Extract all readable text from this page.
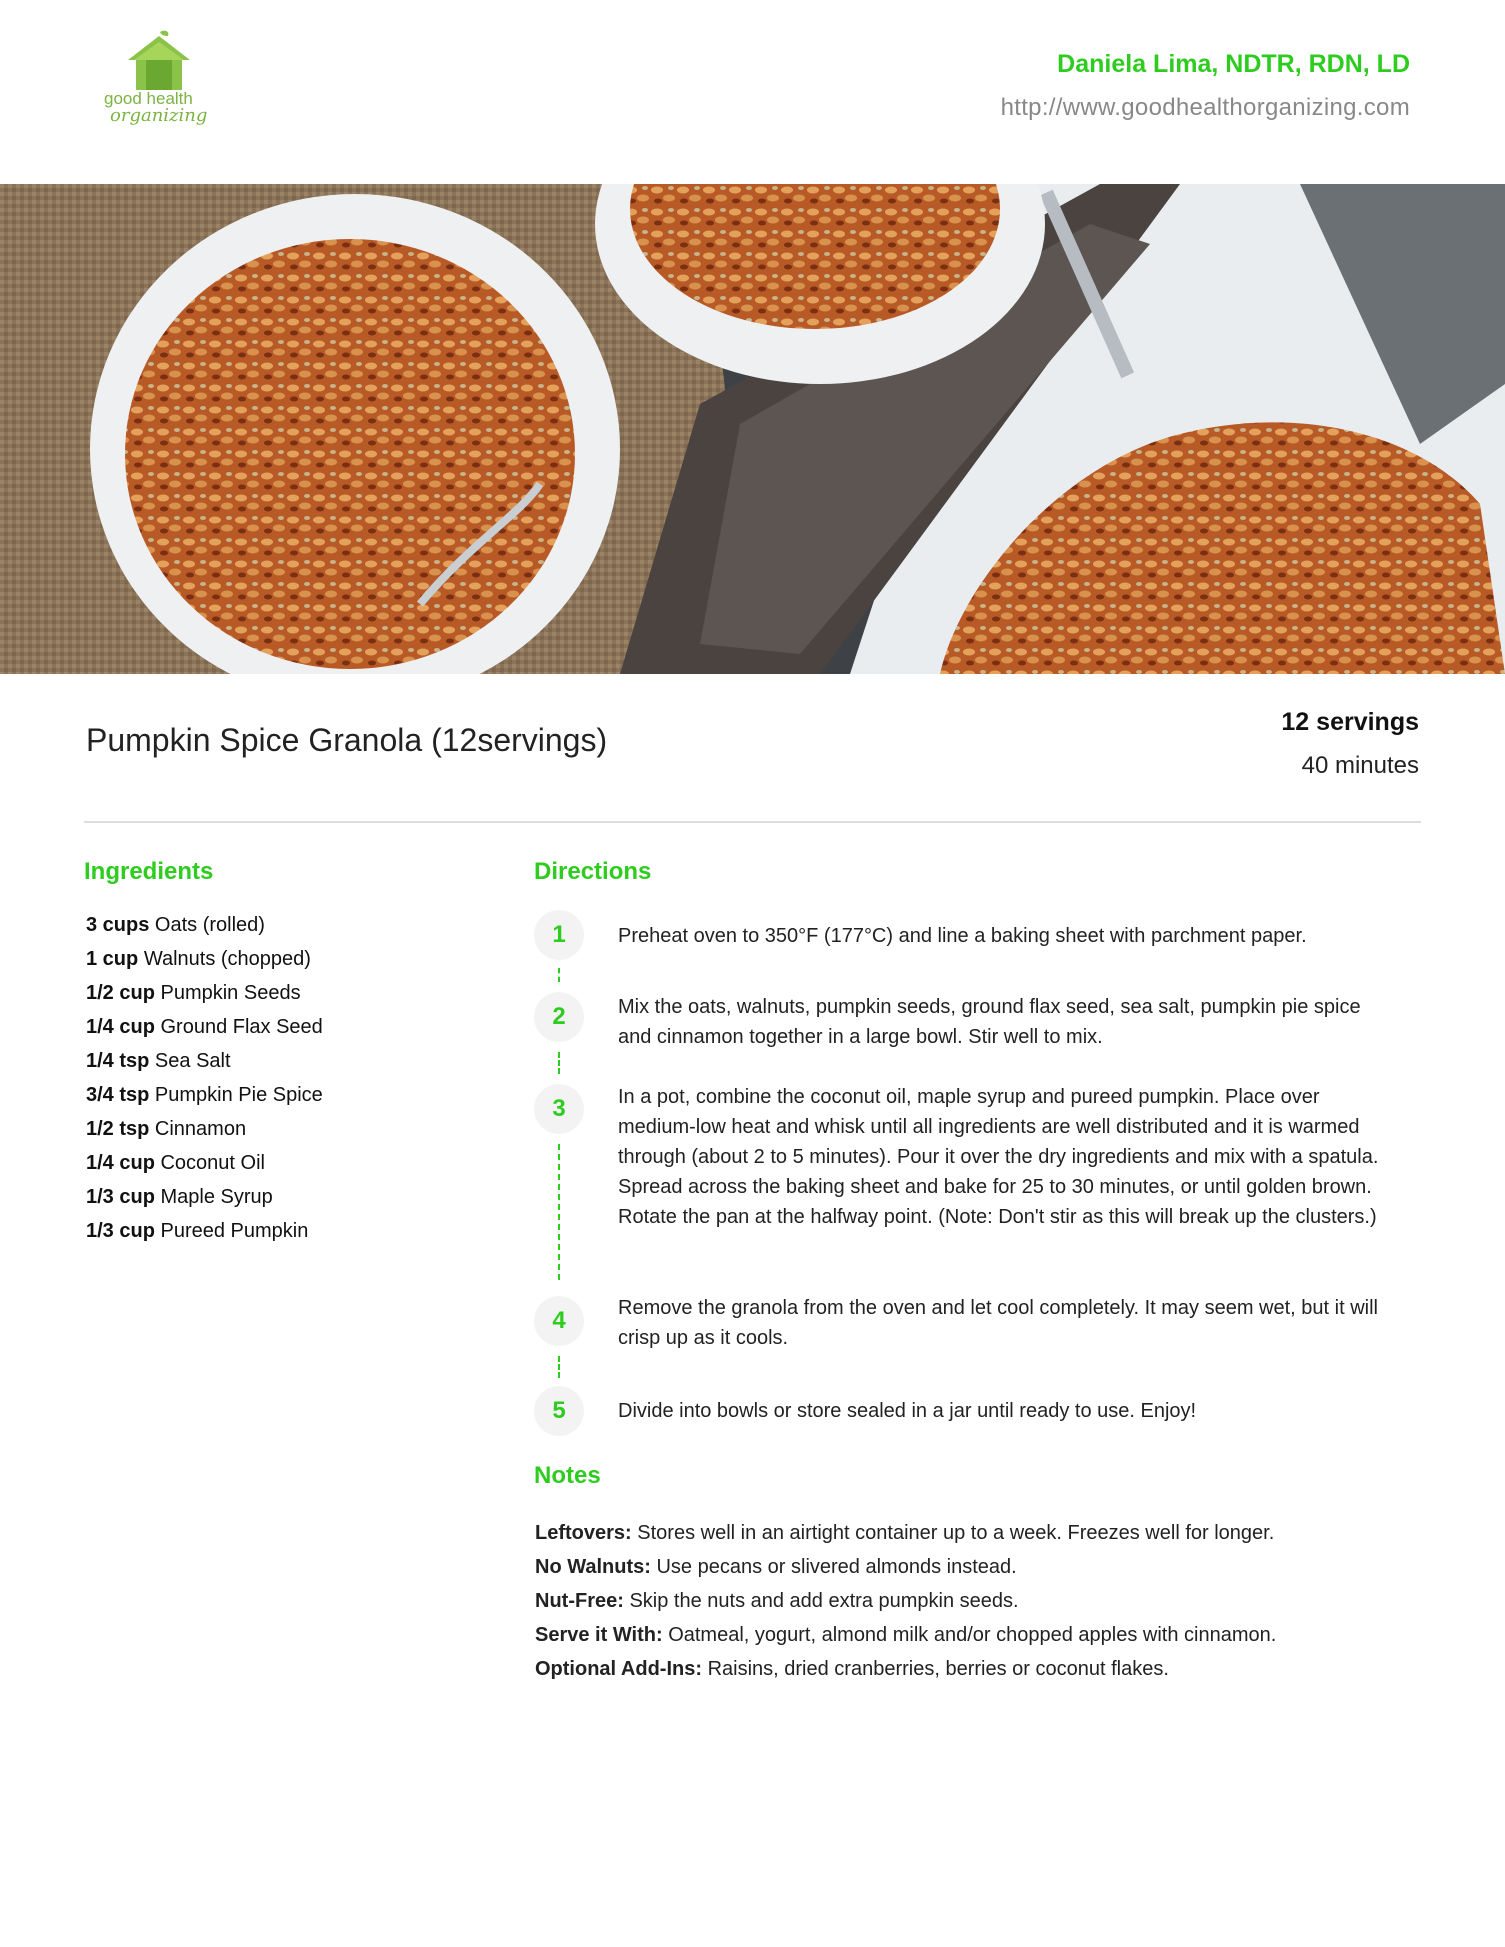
good health
organizing
Daniela Lima, NDTR, RDN, LD
http://www.goodhealthorganizing.com
Pumpkin Spice Granola (12servings)	12 servings
40 minutes
Ingredients
3 cups Oats (rolled)
1 cup Walnuts (chopped)
1/2 cup Pumpkin Seeds
1/4 cup Ground Flax Seed
1/4 tsp Sea Salt
3/4 tsp Pumpkin Pie Spice
1/2 tsp Cinnamon
1/4 cup Coconut Oil
1/3 cup Maple Syrup
1/3 cup Pureed Pumpkin
Directions
1	Preheat oven to 350°F (177°C) and line a baking sheet with parchment paper.
2	Mix the oats, walnuts, pumpkin seeds, ground flax seed, sea salt, pumpkin pie spice and cinnamon together in a large bowl. Stir well to mix.
3	In a pot, combine the coconut oil, maple syrup and pureed pumpkin. Place over medium-low heat and whisk until all ingredients are well distributed and it is warmed through (about 2 to 5 minutes). Pour it over the dry ingredients and mix with a spatula. Spread across the baking sheet and bake for 25 to 30 minutes, or until golden brown. Rotate the pan at the halfway point. (Note: Don't stir as this will break up the clusters.)
4	Remove the granola from the oven and let cool completely. It may seem wet, but it will crisp up as it cools.
5	Divide into bowls or store sealed in a jar until ready to use. Enjoy!
Notes
Leftovers: Stores well in an airtight container up to a week. Freezes well for longer.
No Walnuts: Use pecans or slivered almonds instead.
Nut-Free: Skip the nuts and add extra pumpkin seeds.
Serve it With: Oatmeal, yogurt, almond milk and/or chopped apples with cinnamon.
Optional Add-Ins: Raisins, dried cranberries, berries or coconut flakes.
